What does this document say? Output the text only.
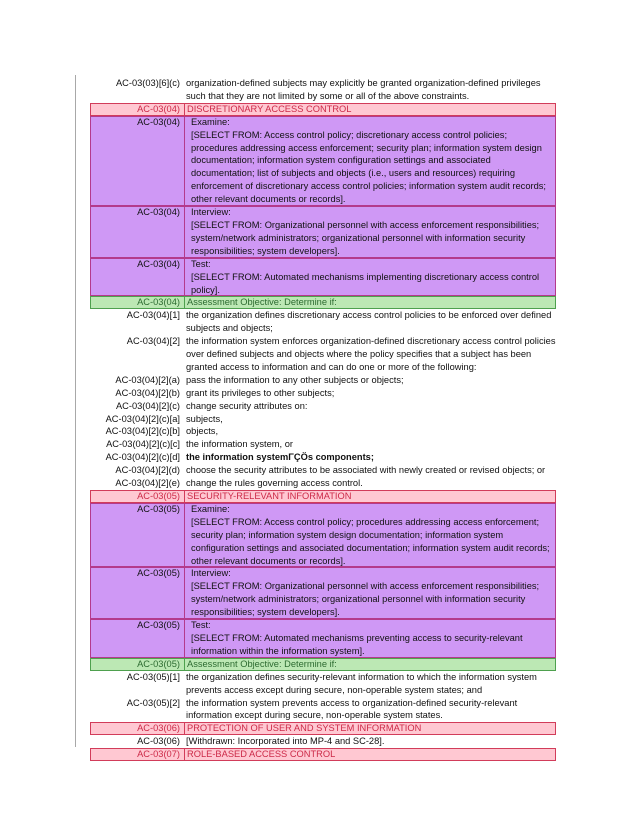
AC-03(03)[6](c) organization-defined subjects may explicitly be granted organization-defined privileges such that they are not limited by some or all of the above constraints.
AC-03(04) DISCRETIONARY ACCESS CONTROL
AC-03(04)	Examine:
[SELECT FROM: Access control policy; discretionary access control policies; procedures addressing access enforcement; security plan; information system design documentation; information system configuration settings and associated documentation; list of subjects and objects (i.e., users and resources) requiring enforcement of discretionary access control policies; information system audit records; other relevant documents or records].
AC-03(04)	Interview:
[SELECT FROM: Organizational personnel with access enforcement responsibilities; system/network administrators; organizational personnel with information security responsibilities; system developers].
AC-03(04)	Test:
[SELECT FROM: Automated mechanisms implementing discretionary access control policy].
AC-03(04) Assessment Objective: Determine if:
AC-03(04)[1] the organization defines discretionary access control policies to be enforced over defined subjects and objects;
AC-03(04)[2] the information system enforces organization-defined discretionary access control policies over defined subjects and objects where the policy specifies that a subject has been granted access to information and can do one or more of the following:
AC-03(04)[2](a) pass the information to any other subjects or objects;
AC-03(04)[2](b) grant its privileges to other subjects;
AC-03(04)[2](c) change security attributes on:
AC-03(04)[2](c)[a] subjects,
AC-03(04)[2](c)[b] objects,
AC-03(04)[2](c)[c] the information system, or
AC-03(04)[2](c)[d] the information systemΓÇÖs components;
AC-03(04)[2](d) choose the security attributes to be associated with newly created or revised objects; or
AC-03(04)[2](e) change the rules governing access control.
AC-03(05) SECURITY-RELEVANT INFORMATION
AC-03(05)	Examine:
[SELECT FROM: Access control policy; procedures addressing access enforcement; security plan; information system design documentation; information system configuration settings and associated documentation; information system audit records; other relevant documents or records].
AC-03(05)	Interview:
[SELECT FROM: Organizational personnel with access enforcement responsibilities; system/network administrators; organizational personnel with information security responsibilities; system developers].
AC-03(05)	Test:
[SELECT FROM: Automated mechanisms preventing access to security-relevant information within the information system].
AC-03(05) Assessment Objective: Determine if:
AC-03(05)[1] the organization defines security-relevant information to which the information system prevents access except during secure, non-operable system states; and
AC-03(05)[2] the information system prevents access to organization-defined security-relevant information except during secure, non-operable system states.
AC-03(06) PROTECTION OF USER AND SYSTEM INFORMATION
AC-03(06) [Withdrawn: Incorporated into MP-4 and SC-28].
AC-03(07) ROLE-BASED ACCESS CONTROL
